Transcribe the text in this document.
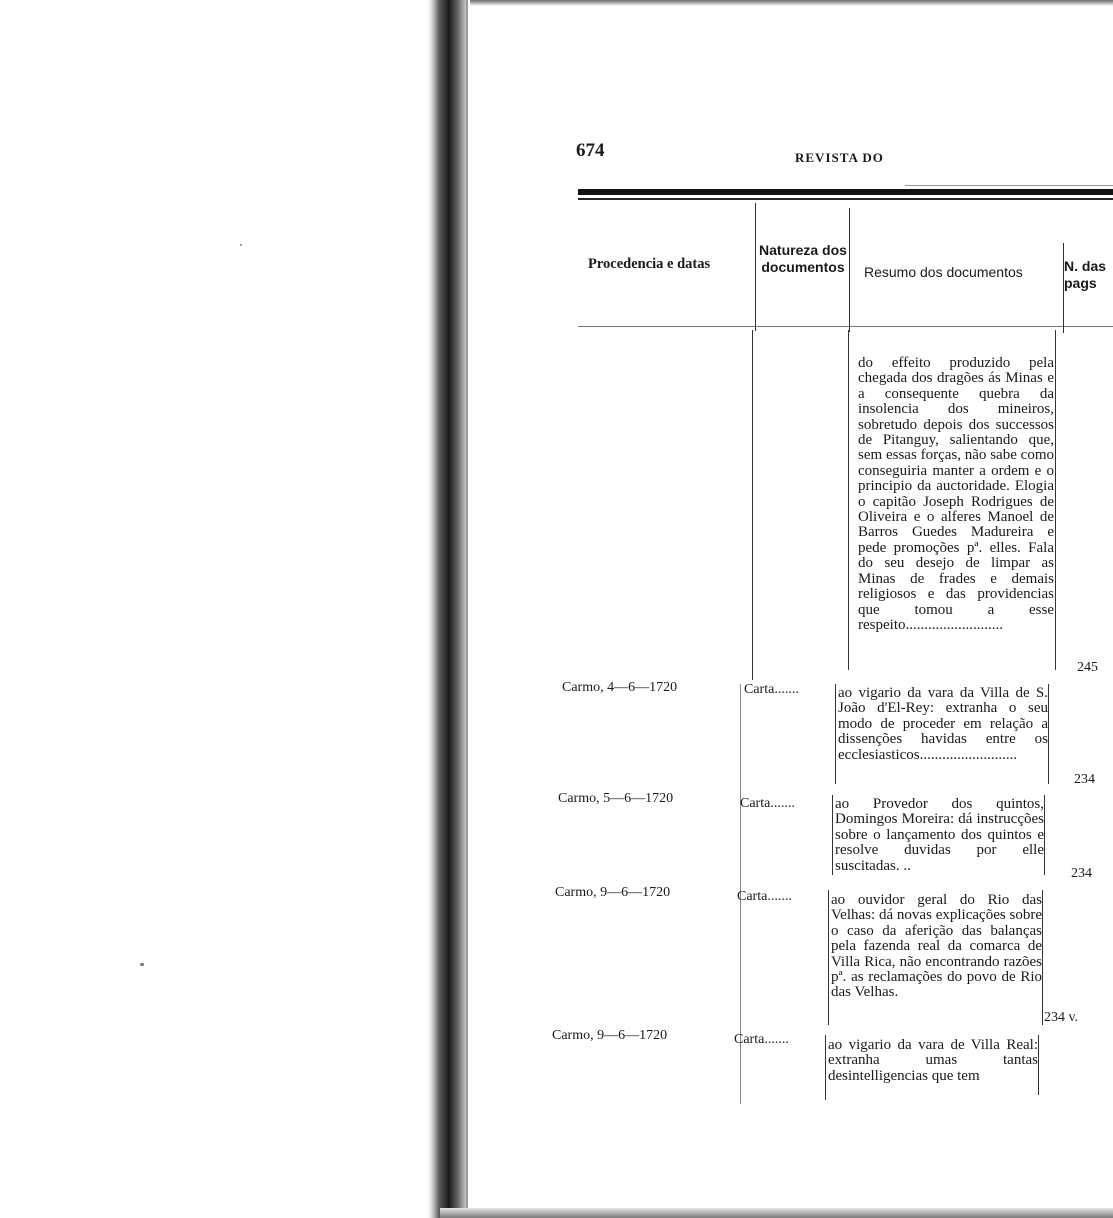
674	REVISTA DO
Procedencia e datas
Natureza dos documentos	Resumo dos documentos	N. das pags
do effeito produzido pela chegada dos dragões ás Minas e a consequente quebra da insolencia dos mineiros, sobretudo depois dos successos de Pitanguy, salientando que, sem essas forças, não sabe como conseguiria manter a ordem e o principio da auctoridade. Elogia o capitão Joseph Rodrigues de Oliveira e o alferes Manoel de Barros Guedes Madureira e pede promoções pª. elles. Fala do seu desejo de limpar as Minas de frades e demais religiosos e das providencias que tomou a esse respeito..........................
245
Carmo, 4—6—1720	Carta.......	ao vigario da vara da Villa de S. João d'El-Rey: extranha o seu modo de proceder em relação a dissenções havidas entre os ecclesiasticos..........................
234
Carmo, 5—6—1720	Carta.......	ao Provedor dos quintos, Domingos Moreira: dá instrucções sobre o lançamento dos quintos e resolve duvidas por elle suscitadas. ..	234
Carmo, 9—6—1720	Carta.......	ao ouvidor geral do Rio das Velhas: dá novas explicações sobre o caso da aferição das balanças pela fazenda real da comarca de Villa Rica, não encontrando razões pª. as reclamações do povo de Rio das Velhas.
234 v.
Carmo, 9—6—1720	Carta.......	ao vigario da vara de Villa Real: extranha umas tantas desintelligencias que tem
